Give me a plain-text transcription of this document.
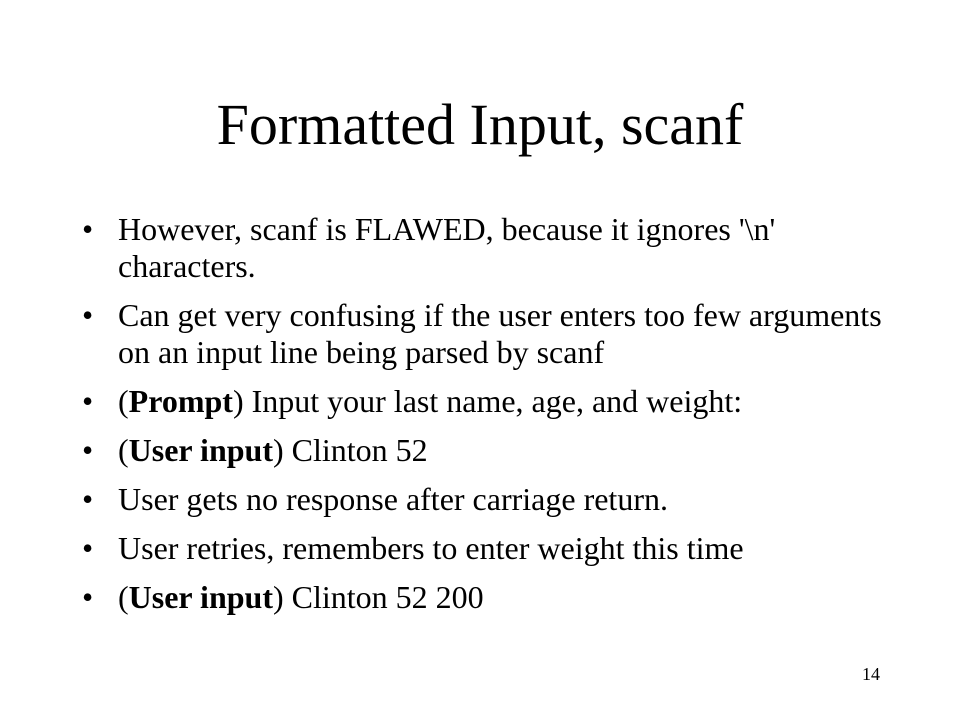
Formatted Input, scanf
• However, scanf is FLAWED, because it ignores '\n' characters.
• Can get very confusing if the user enters too few arguments on an input line being parsed by scanf
• (Prompt) Input your last name, age, and weight:
• (User input) Clinton 52
• User gets no response after carriage return.
• User retries, remembers to enter weight this time
• (User input) Clinton 52 200
14
